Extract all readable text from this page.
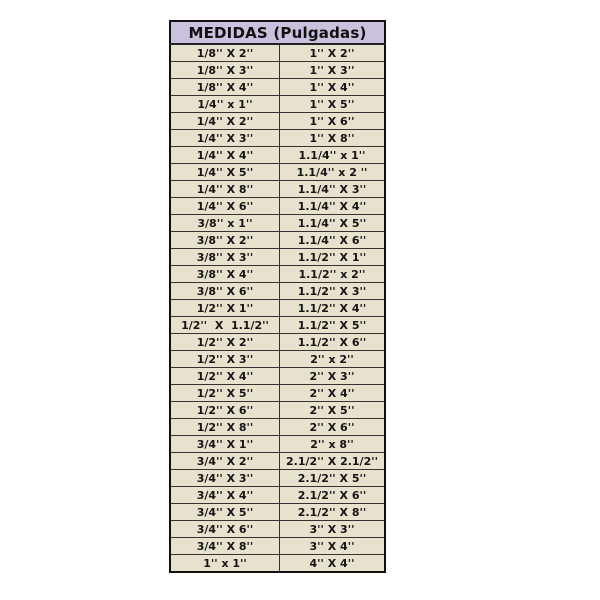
MEDIDAS (Pulgadas)	
1/8'' X 2''	1'' X 2''
1/8'' X 3''	1'' X 3''
1/8'' X 4''	1'' X 4''
1/4'' x 1''	1'' X 5''
1/4'' X 2''	1'' X 6''
1/4'' X 3''	1'' X 8''
1/4'' X 4''	1.1/4'' x 1''
1/4'' X 5''	1.1/4'' x 2 ''
1/4'' X 8''	1.1/4'' X 3''
1/4'' X 6''	1.1/4'' X 4''
3/8'' x 1''	1.1/4'' X 5''
3/8'' X 2''	1.1/4'' X 6''
3/8'' X 3''	1.1/2'' X 1''
3/8'' X 4''	1.1/2'' x 2''
3/8'' X 6''	1.1/2'' X 3''
1/2'' X 1''	1.1/2'' X 4''
1/2''  X  1.1/2''	1.1/2'' X 5''
1/2'' X 2''	1.1/2'' X 6''
1/2'' X 3''	2'' x 2''
1/2'' X 4''	2'' X 3''
1/2'' X 5''	2'' X 4''
1/2'' X 6''	2'' X 5''
1/2'' X 8''	2'' X 6''
3/4'' X 1''	2'' x 8''
3/4'' X 2''	2.1/2'' X 2.1/2''
3/4'' X 3''	2.1/2'' X 5''
3/4'' X 4''	2.1/2'' X 6''
3/4'' X 5''	2.1/2'' X 8''
3/4'' X 6''	3'' X 3''
3/4'' X 8''	3'' X 4''
1'' x 1''	4'' X 4''
